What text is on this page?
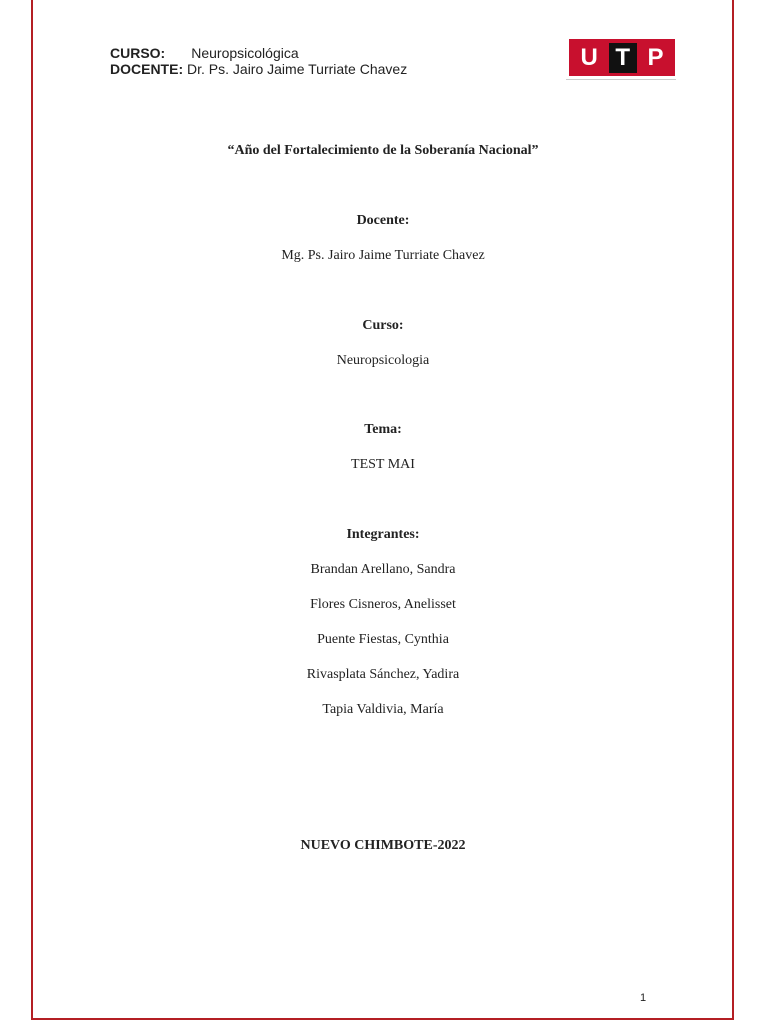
CURSO: Neuropsicológica
DOCENTE: Dr. Ps. Jairo Jaime Turriate Chavez	U T P
“Año del Fortalecimiento de la Soberanía Nacional”
Docente:
Mg. Ps. Jairo Jaime Turriate Chavez
Curso:
Neuropsicologia
Tema:
TEST MAI
Integrantes:
Brandan Arellano, Sandra
Flores Cisneros, Anelisset
Puente Fiestas, Cynthia
Rivasplata Sánchez, Yadira
Tapia Valdivia, María
NUEVO CHIMBOTE-2022
1
